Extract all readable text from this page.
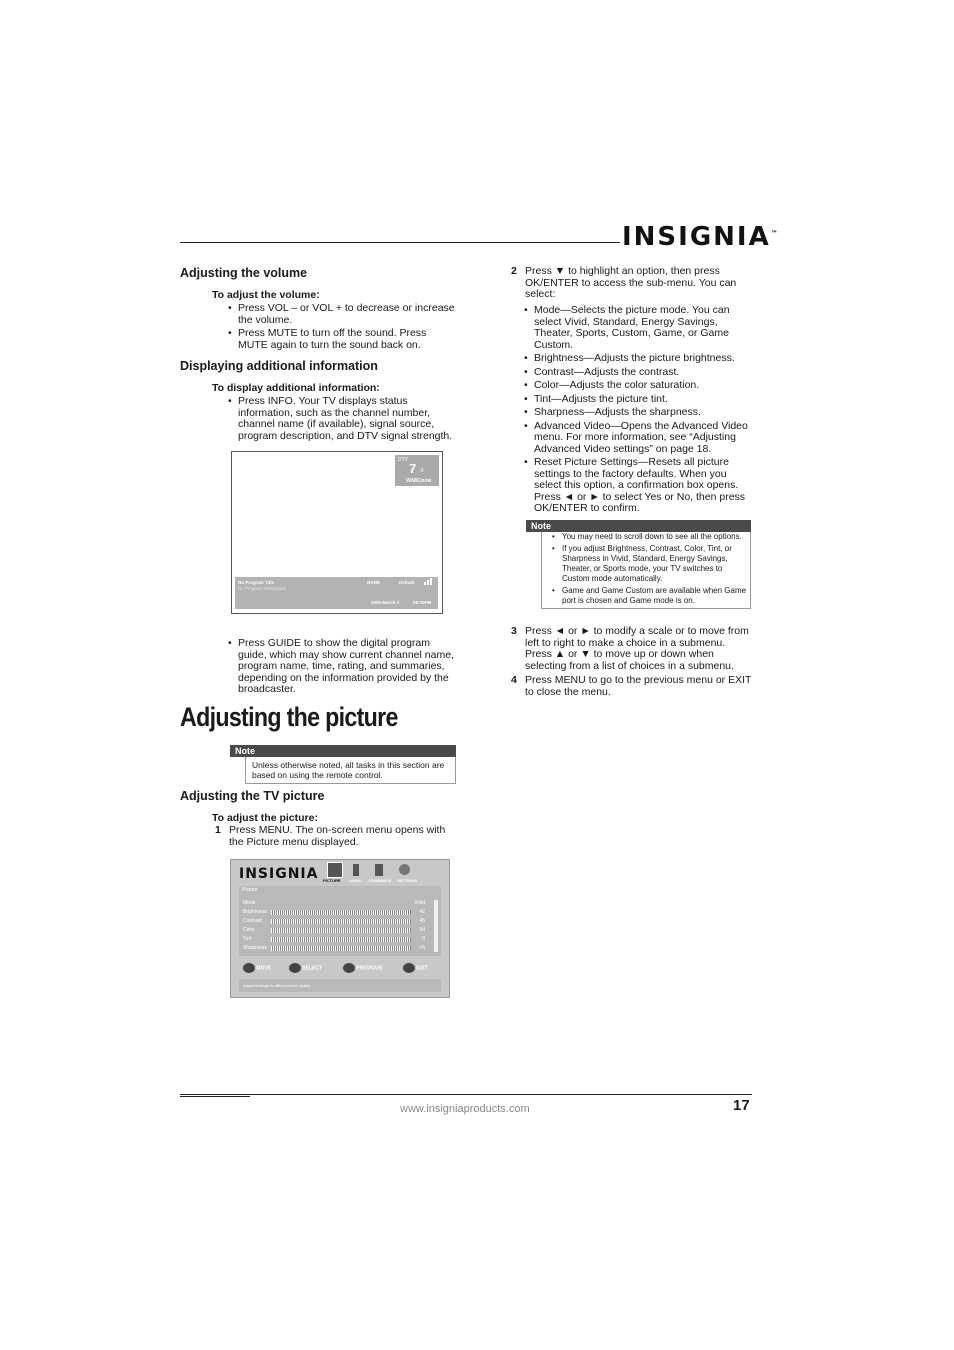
INSIGNIA™
Adjusting the volume
To adjust the volume:
• Press VOL – or VOL + to decrease or increase the volume.
• Press MUTE to turn off the sound. Press MUTE again to turn the sound back on.
Displaying additional information
To display additional information:
• Press INFO. Your TV displays status information, such as the channel number, channel name (if available), signal source, program description, and DTV signal strength.
DTV
7 -3
WABCnow
No Program Title
No Program Description
NONE	Default
2000 March 1	09:10PM
• Press GUIDE to show the digital program guide, which may show current channel name, program name, time, rating, and summaries, depending on the information provided by the broadcaster.
Adjusting the picture
Note
Unless otherwise noted, all tasks in this section are based on using the remote control.
Adjusting the TV picture
To adjust the picture:
1 Press MENU. The on-screen menu opens with the Picture menu displayed.
INSIGNIA PICTURE AUDIO CHANNELS SETTINGS
Picture
Mode	Vivid
Brightness	42
Contrast	45
Color	54
Tint	0
Sharpness	+5
MOVE	SELECT	PREVIOUS	EXIT
Adjust settings to affect picture quality.
2 Press ▼ to highlight an option, then press OK/ENTER to access the sub-menu. You can select:
• Mode—Selects the picture mode. You can select Vivid, Standard, Energy Savings, Theater, Sports, Custom, Game, or Game Custom.
• Brightness—Adjusts the picture brightness.
• Contrast—Adjusts the contrast.
• Color—Adjusts the color saturation.
• Tint—Adjusts the picture tint.
• Sharpness—Adjusts the sharpness.
• Advanced Video—Opens the Advanced Video menu. For more information, see “Adjusting Advanced Video settings” on page 18.
• Reset Picture Settings—Resets all picture settings to the factory defaults. When you select this option, a confirmation box opens. Press ◄ or ► to select Yes or No, then press OK/ENTER to confirm.
Note
• You may need to scroll down to see all the options.
• If you adjust Brightness, Contrast, Color, Tint, or Sharpness in Vivid, Standard, Energy Savings, Theater, or Sports mode, your TV switches to Custom mode automatically.
• Game and Game Custom are available when Game port is chosen and Game mode is on.
3 Press ◄ or ► to modify a scale or to move from left to right to make a choice in a submenu. Press ▲ or ▼ to move up or down when selecting from a list of choices in a submenu.
4 Press MENU to go to the previous menu or EXIT to close the menu.
www.insigniaproducts.com	17
